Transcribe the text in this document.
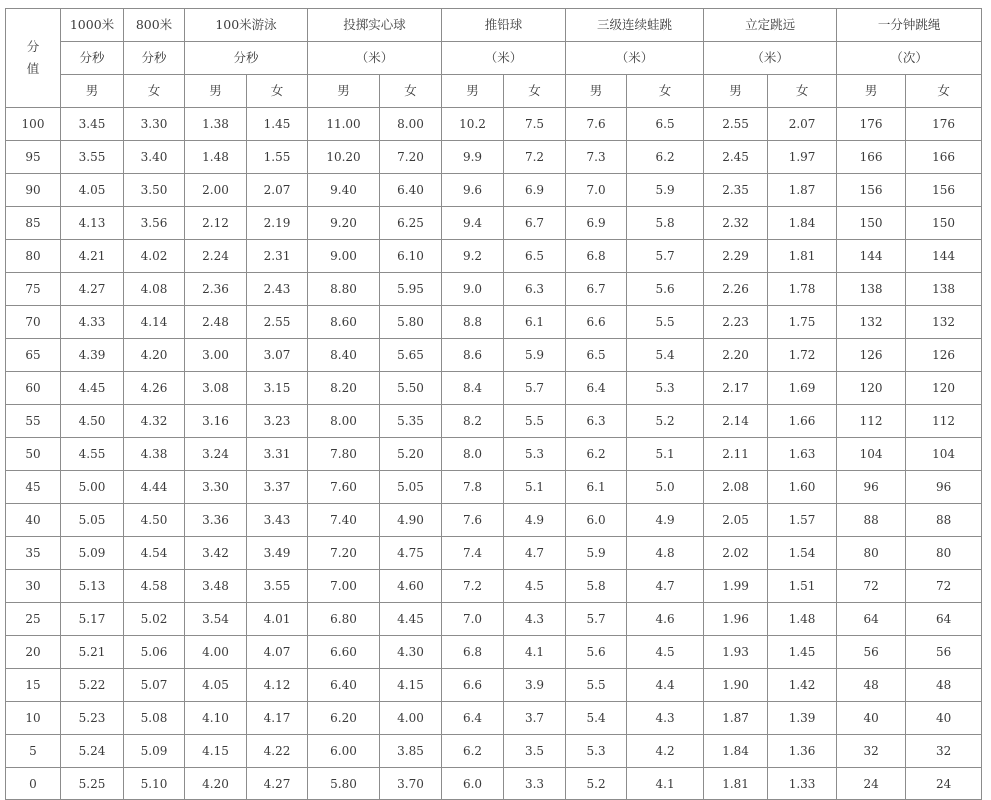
分
值	1000米	800米	100米游泳		投掷实心球		推铅球		三级连续蛙跳		立定跳远		一分钟跳绳	
	分秒	分秒	分秒		（米）		（米）		（米）		（米）		（次）	
	男	女	男	女	男	女	男	女	男	女	男	女	男	女
100	3.45	3.30	1.38	1.45	11.00	8.00	10.2	7.5	7.6	6.5	2.55	2.07	176	176
95	3.55	3.40	1.48	1.55	10.20	7.20	9.9	7.2	7.3	6.2	2.45	1.97	166	166
90	4.05	3.50	2.00	2.07	9.40	6.40	9.6	6.9	7.0	5.9	2.35	1.87	156	156
85	4.13	3.56	2.12	2.19	9.20	6.25	9.4	6.7	6.9	5.8	2.32	1.84	150	150
80	4.21	4.02	2.24	2.31	9.00	6.10	9.2	6.5	6.8	5.7	2.29	1.81	144	144
75	4.27	4.08	2.36	2.43	8.80	5.95	9.0	6.3	6.7	5.6	2.26	1.78	138	138
70	4.33	4.14	2.48	2.55	8.60	5.80	8.8	6.1	6.6	5.5	2.23	1.75	132	132
65	4.39	4.20	3.00	3.07	8.40	5.65	8.6	5.9	6.5	5.4	2.20	1.72	126	126
60	4.45	4.26	3.08	3.15	8.20	5.50	8.4	5.7	6.4	5.3	2.17	1.69	120	120
55	4.50	4.32	3.16	3.23	8.00	5.35	8.2	5.5	6.3	5.2	2.14	1.66	112	112
50	4.55	4.38	3.24	3.31	7.80	5.20	8.0	5.3	6.2	5.1	2.11	1.63	104	104
45	5.00	4.44	3.30	3.37	7.60	5.05	7.8	5.1	6.1	5.0	2.08	1.60	96	96
40	5.05	4.50	3.36	3.43	7.40	4.90	7.6	4.9	6.0	4.9	2.05	1.57	88	88
35	5.09	4.54	3.42	3.49	7.20	4.75	7.4	4.7	5.9	4.8	2.02	1.54	80	80
30	5.13	4.58	3.48	3.55	7.00	4.60	7.2	4.5	5.8	4.7	1.99	1.51	72	72
25	5.17	5.02	3.54	4.01	6.80	4.45	7.0	4.3	5.7	4.6	1.96	1.48	64	64
20	5.21	5.06	4.00	4.07	6.60	4.30	6.8	4.1	5.6	4.5	1.93	1.45	56	56
15	5.22	5.07	4.05	4.12	6.40	4.15	6.6	3.9	5.5	4.4	1.90	1.42	48	48
10	5.23	5.08	4.10	4.17	6.20	4.00	6.4	3.7	5.4	4.3	1.87	1.39	40	40
5	5.24	5.09	4.15	4.22	6.00	3.85	6.2	3.5	5.3	4.2	1.84	1.36	32	32
0	5.25	5.10	4.20	4.27	5.80	3.70	6.0	3.3	5.2	4.1	1.81	1.33	24	24
